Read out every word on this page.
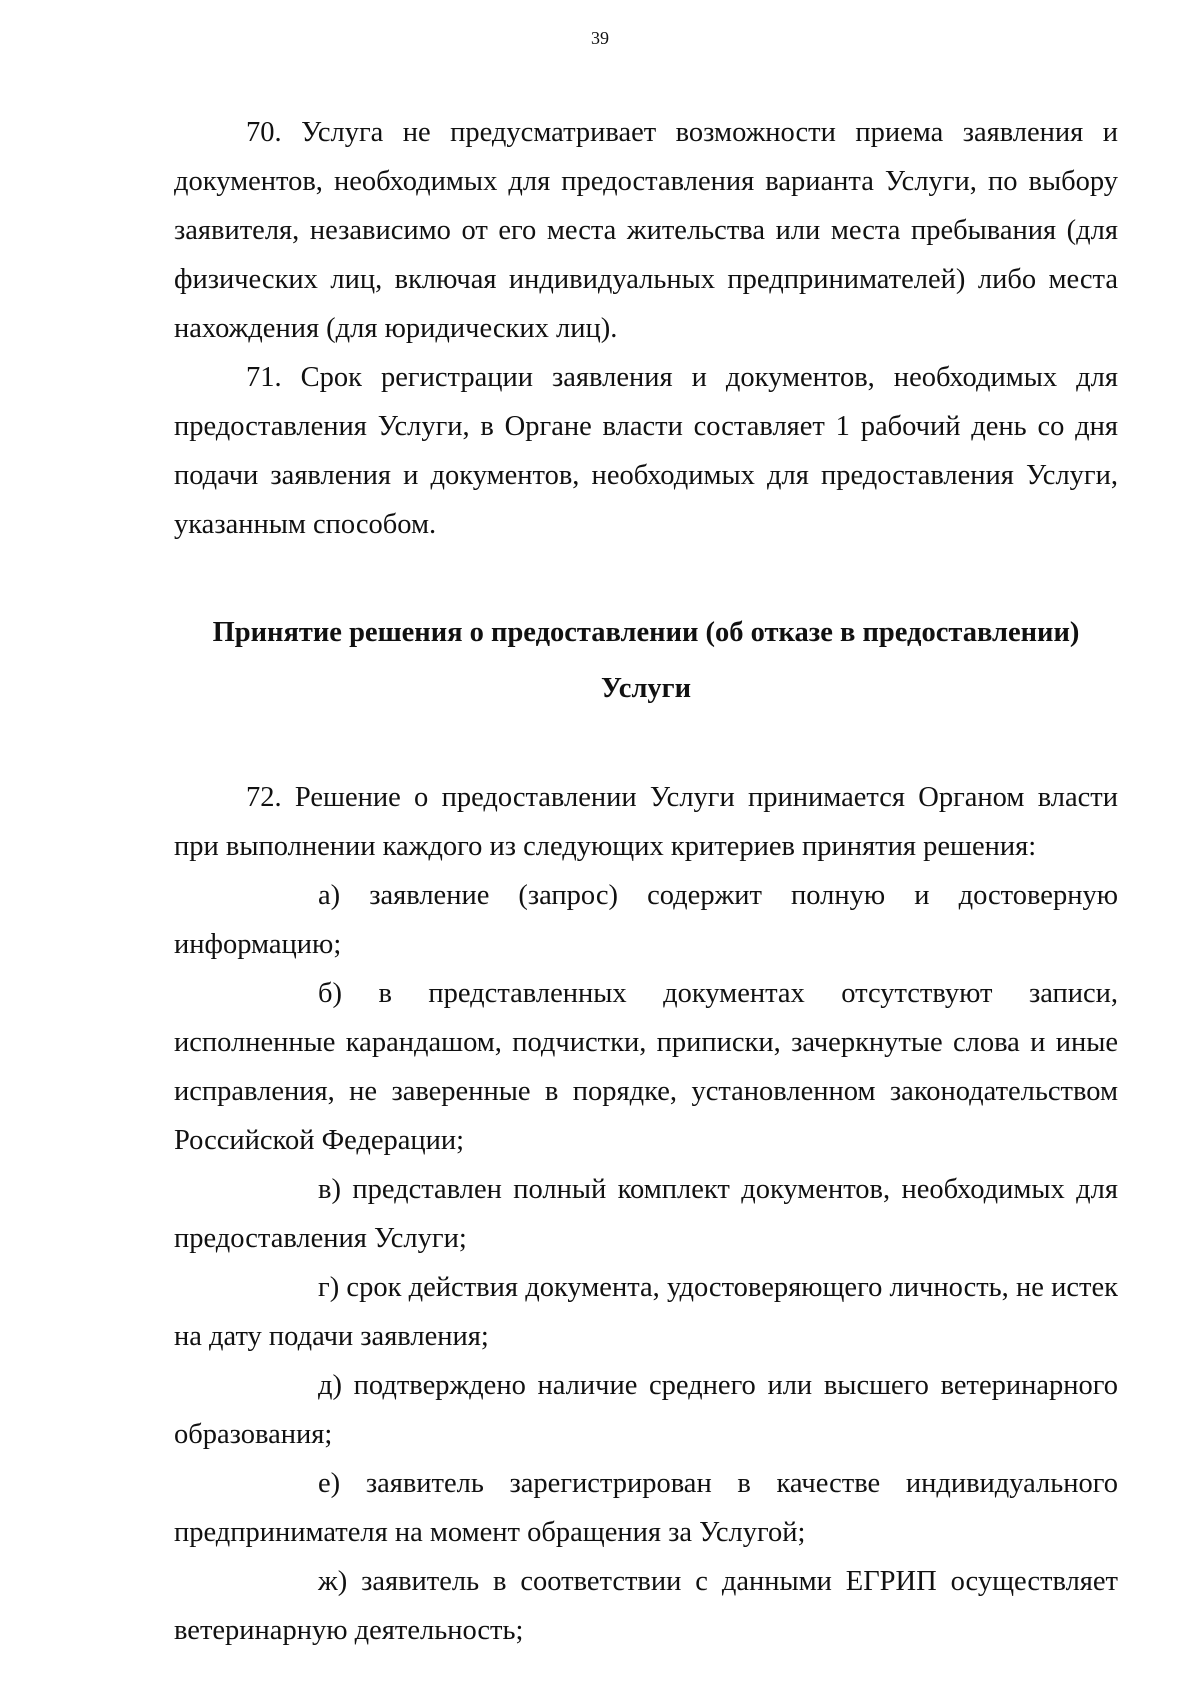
39

70. Услуга не предусматривает возможности приема заявления и документов, необходимых для предоставления варианта Услуги, по выбору заявителя, независимо от его места жительства или места пребывания (для физических лиц, включая индивидуальных предпринимателей) либо места нахождения (для юридических лиц).

71. Срок регистрации заявления и документов, необходимых для предоставления Услуги, в Органе власти составляет 1 рабочий день со дня подачи заявления и документов, необходимых для предоставления Услуги, указанным способом.

Принятие решения о предоставлении (об отказе в предоставлении)
Услуги

72. Решение о предоставлении Услуги принимается Органом власти при выполнении каждого из следующих критериев принятия решения:

а) заявление (запрос) содержит полную и достоверную информацию;

б) в представленных документах отсутствуют записи, исполненные карандашом, подчистки, приписки, зачеркнутые слова и иные исправления, не заверенные в порядке, установленном законодательством Российской Федерации;

в) представлен полный комплект документов, необходимых для предоставления Услуги;

г) срок действия документа, удостоверяющего личность, не истек на дату подачи заявления;

д) подтверждено наличие среднего или высшего ветеринарного образования;

е) заявитель зарегистрирован в качестве индивидуального предпринимателя на момент обращения за Услугой;

ж) заявитель в соответствии с данными ЕГРИП осуществляет ветеринарную деятельность;
